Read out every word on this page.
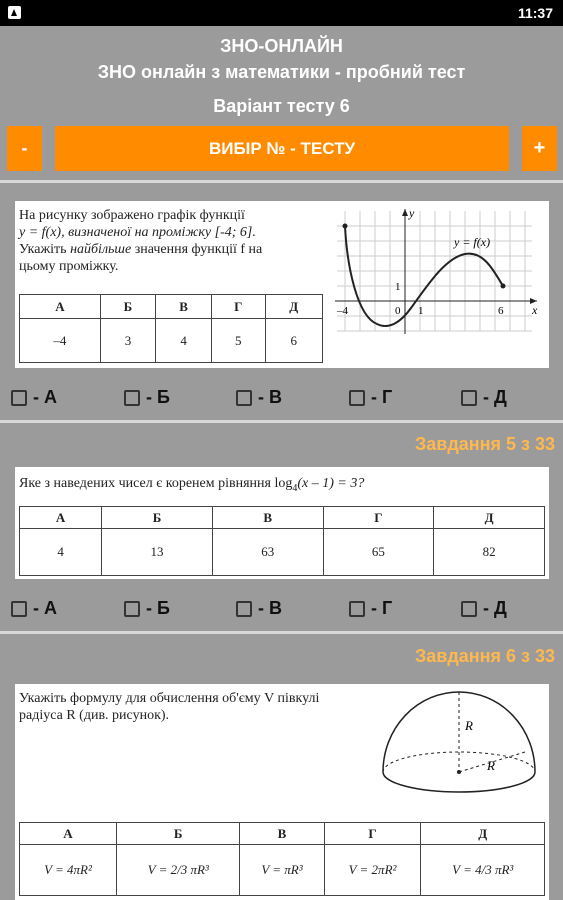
11:37
ЗНО-ОНЛАЙН
ЗНО онлайн з математики - пробний тест
Варіант тесту 6
-	ВИБІР № - ТЕСТУ	+
На рисунку зображено графік функції
y = f(x), визначеної на проміжку [-4; 6].
Укажіть найбільше значення функції f на
цьому проміжку.
А	Б	В	Г	Д
–4	3	4	5	6
y = f(x)
y
x
–4	0 1
1
6
- А	- Б	- В	- Г	- Д
Завдання 5 з 33
Яке з наведених чисел є коренем рівняння $\log_4(x - 1) = 3$?
А	Б	В	Г	Д
4	13	63	65	82
- А	- Б	- В	- Г	- Д
Завдання 6 з 33
Укажіть формулу для обчислення об'єму V півкулі
радіуса R (див. рисунок).
R
R
А	Б	В	Г	Д
V = 4πR²	V = 2/3 πR³	V = πR³	V = 2πR²	V = 4/3 πR³
